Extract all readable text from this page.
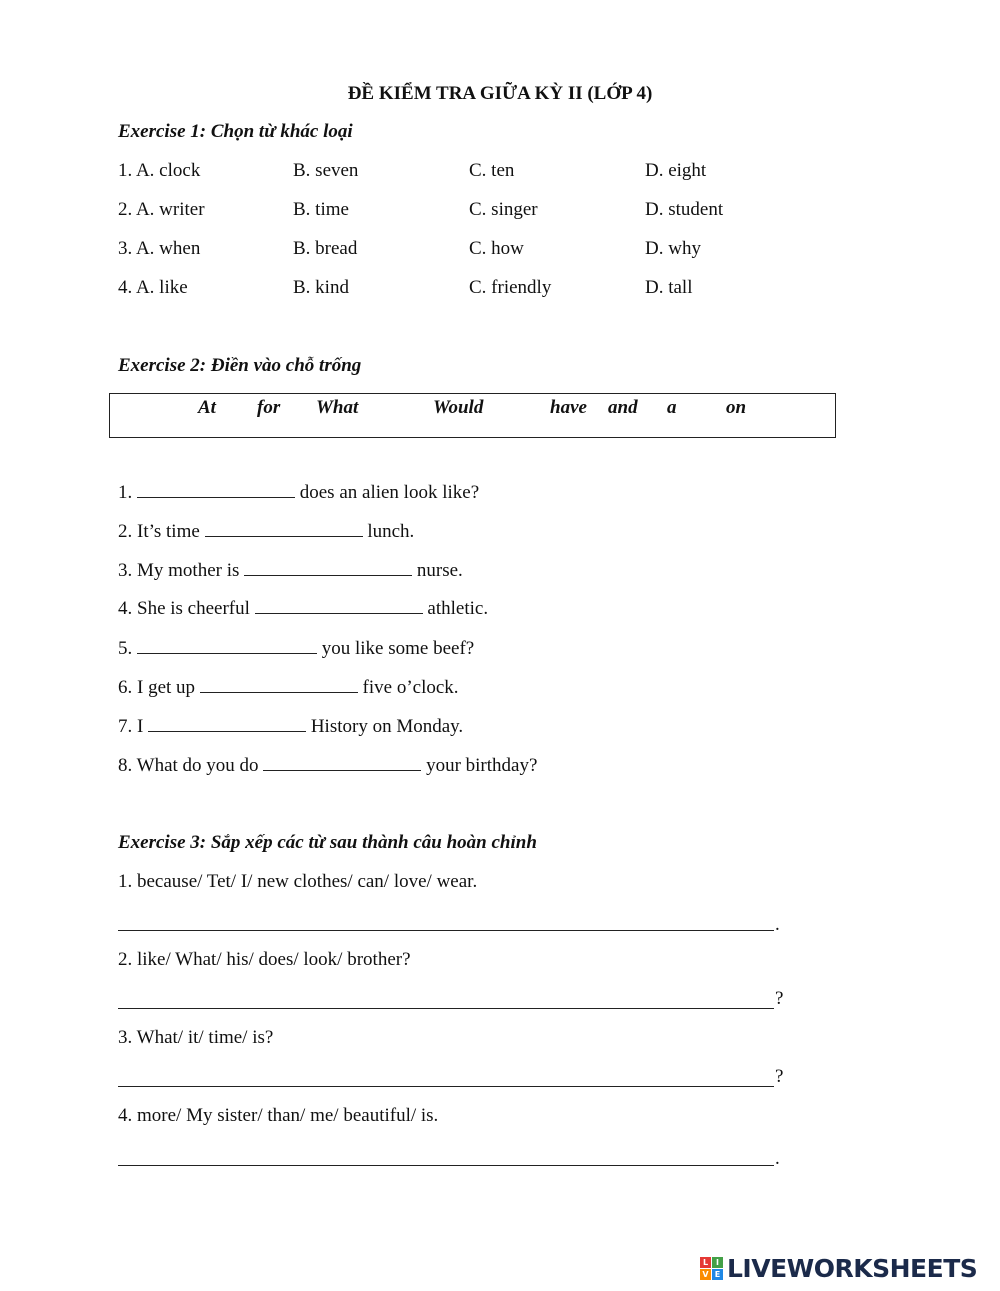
ĐỀ KIỂM TRA GIỮA KỲ II (LỚP 4)
Exercise 1: Chọn từ khác loại
1. A. clock	B. seven	C. ten	D. eight
2. A. writer	B. time	C. singer	D. student
3. A. when	B. bread	C. how	D. why
4. A. like	B. kind	C. friendly	D. tall
Exercise 2: Điền vào chỗ trống
At for What	Would	have and a	on
1.	does an alien look like?
2. It’s time	lunch.
3. My mother is	nurse.
4. She is cheerful	athletic.
5.	you like some beef?
6. I get up	five o’clock.
7. I	History on Monday.
8. What do you do	your birthday?
Exercise 3: Sắp xếp các từ sau thành câu hoàn chỉnh
1. because/ Tet/ I/ new clothes/ can/ love/ wear.
.
2. like/ What/ his/ does/ look/ brother?
?
3. What/ it/ time/ is?
?
4. more/ My sister/ than/ me/ beautiful/ is.
.
L I
V E LIVEWORKSHEETS
